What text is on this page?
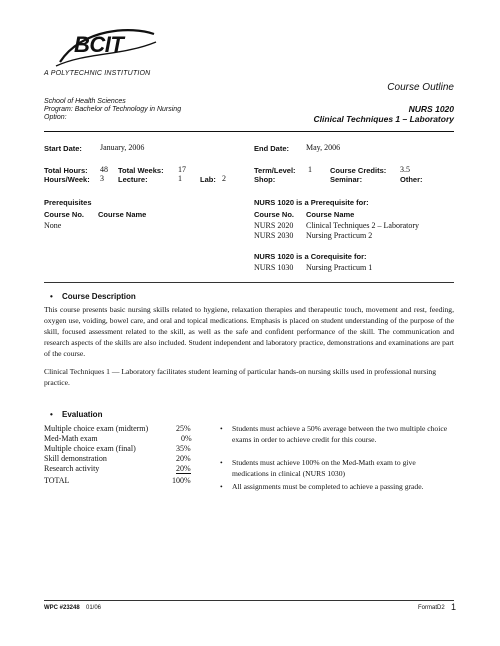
BCIT
A POLYTECHNIC INSTITUTION
Course Outline
School of Health Sciences
Program: Bachelor of Technology in Nursing
Option:
NURS 1020
Clinical Techniques 1 – Laboratory
Start Date: January, 2006	End Date: May, 2006
Total Hours: 48 Total Weeks: 17
Hours/Week: 3 Lecture:	1 Lab: 2
Term/Level: 1 Course Credits: 3.5
Shop:	Seminar:	Other:
Prerequisites
Course No. Course Name
None
NURS 1020 is a Prerequisite for:
Course No. Course Name
NURS 2020 Clinical Techniques 2 – Laboratory
NURS 2030 Nursing Practicum 2
NURS 1020 is a Corequisite for:
NURS 1030 Nursing Practicum 1
• Course Description

This course presents basic nursing skills related to hygiene, relaxation therapies and therapeutic touch, movement and rest, feeding, oxygen use, voiding, bowel care, and oral and topical medications. Emphasis is placed on student understanding of the purpose of the skill, focused assessment related to the skill, as well as the safe and confident performance of the skill. The communication and research aspects of the skills are also included. Student independent and laboratory practice, demonstrations and examinations are part of the course.

Clinical Techniques 1 — Laboratory facilitates student learning of particular hands-on nursing skills used in professional nursing practice.

• Evaluation
Multiple choice exam (midterm)	25%
Med-Math exam	0%
Multiple choice exam (final)	35%
Skill demonstration	20%
Research activity	20%
TOTAL	100%
• Students must achieve a 50% average between the two multiple choice exams in order to achieve credit for this course.
• Students must achieve 100% on the Med-Math exam to give medications in clinical (NURS 1030)
• All assignments must be completed to achieve a passing grade.
WPC #23248 01/06	FormatD2 1
